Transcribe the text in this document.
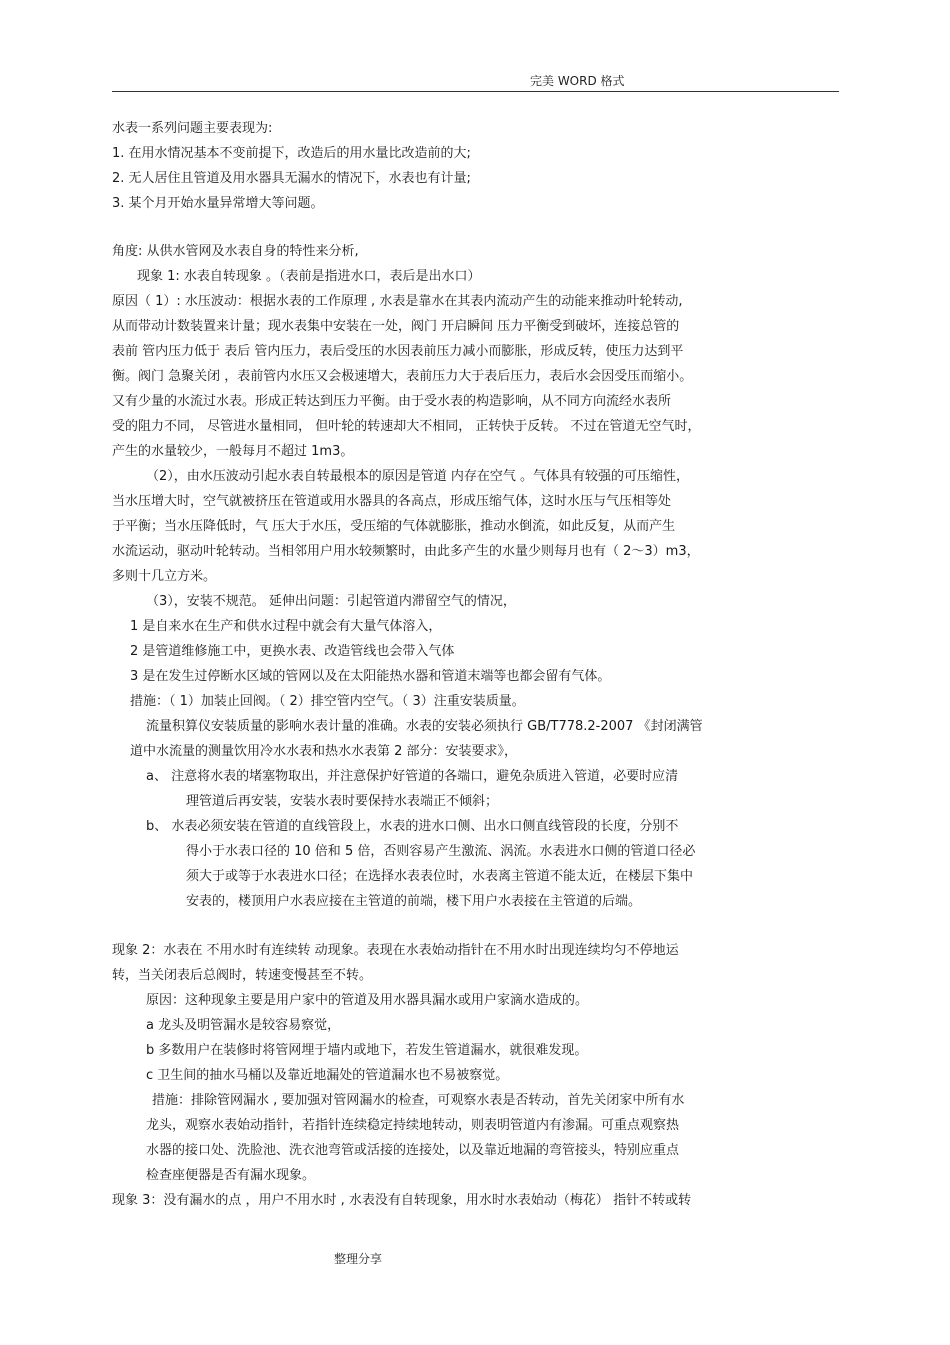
完美 WORD 格式
水表一系列问题主要表现为:
1. 在用水情况基本不变前提下，改造后的用水量比改造前的大;
2. 无人居住且管道及用水器具无漏水的情况下，水表也有计量;
3. 某个月开始水量异常增大等问题。
角度: 从供水管网及水表自身的特性来分析,
现象 1: 水表自转现象 。（表前是指进水口，表后是出水口）
原因（ 1）: 水压波动：根据水表的工作原理 , 水表是靠水在其表内流动产生的动能来推动叶轮转动,
从而带动计数装置来计量；现水表集中安装在一处，阀门 开启瞬间 压力平衡受到破坏，连接总管的
表前 管内压力低于 表后 管内压力，表后受压的水因表前压力减小而膨胀，形成反转，使压力达到平
衡。阀门 急聚关闭 ，表前管内水压又会极速增大，表前压力大于表后压力，表后水会因受压而缩小。
又有少量的水流过水表。形成正转达到压力平衡。由于受水表的构造影响，从不同方向流经水表所
受的阻力不同， 尽管进水量相同， 但叶轮的转速却大不相同， 正转快于反转。 不过在管道无空气时，
产生的水量较少，一般每月不超过 1m3。
（2），由水压波动引起水表自转最根本的原因是管道 内存在空气 。气体具有较强的可压缩性，
当水压增大时，空气就被挤压在管道或用水器具的各高点，形成压缩气体，这时水压与气压相等处
于平衡；当水压降低时，气 压大于水压，受压缩的气体就膨胀，推动水倒流，如此反复，从而产生
水流运动，驱动叶轮转动。当相邻用户用水较频繁时，由此多产生的水量少则每月也有（ 2～3）m3，
多则十几立方米。
（3），安装不规范。 延伸出问题：引起管道内滞留空气的情况，
1 是自来水在生产和供水过程中就会有大量气体溶入，
2 是管道维修施工中，更换水表、改造管线也会带入气体
3 是在发生过停断水区域的管网以及在太阳能热水器和管道末端等也都会留有气体。
措施：（ 1）加装止回阀。（ 2）排空管内空气。（ 3）注重安装质量。
流量积算仪安装质量的影响水表计量的准确。水表的安装必须执行 GB/T778.2-2007 《封闭满管
道中水流量的测量饮用冷水水表和热水水表第 2 部分：安装要求》，
a、 注意将水表的堵塞物取出，并注意保护好管道的各端口，避免杂质进入管道，必要时应清
理管道后再安装，安装水表时要保持水表端正不倾斜；
b、 水表必须安装在管道的直线管段上，水表的进水口侧、出水口侧直线管段的长度，分别不
得小于水表口径的 10 倍和 5 倍，否则容易产生激流、涡流。水表进水口侧的管道口径必
须大于或等于水表进水口径；在选择水表表位时，水表离主管道不能太近，在楼层下集中
安表的，楼顶用户水表应接在主管道的前端，楼下用户水表接在主管道的后端。
现象 2：水表在 不用水时有连续转 动现象。表现在水表始动指针在不用水时出现连续均匀不停地运
转，当关闭表后总阀时，转速变慢甚至不转。
原因：这种现象主要是用户家中的管道及用水器具漏水或用户家滴水造成的。
a 龙头及明管漏水是较容易察觉，
b 多数用户在装修时将管网埋于墙内或地下，若发生管道漏水，就很难发现。
c 卫生间的抽水马桶以及靠近地漏处的管道漏水也不易被察觉。
措施：排除管网漏水 , 要加强对管网漏水的检查，可观察水表是否转动，首先关闭家中所有水
龙头，观察水表始动指针，若指针连续稳定持续地转动，则表明管道内有渗漏。可重点观察热
水器的接口处、洗脸池、洗衣池弯管或活接的连接处，以及靠近地漏的弯管接头，特别应重点
检查座便器是否有漏水现象。
现象 3：没有漏水的点 ，用户不用水时 , 水表没有自转现象，用水时水表始动（梅花） 指针不转或转
整理分享
